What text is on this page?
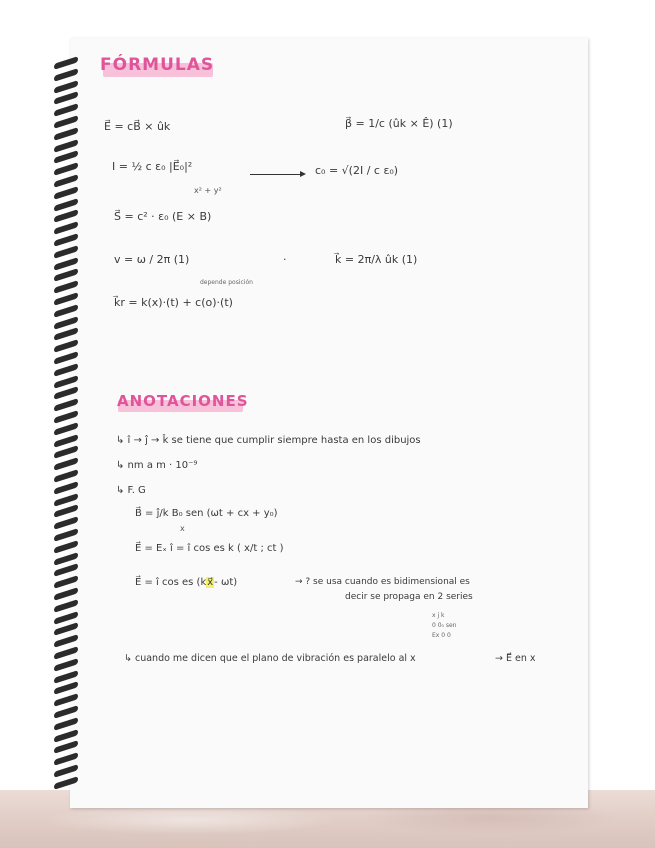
FÓRMULAS
E⃗ = cB⃗ × ûk	β⃗ = 1/c (ûk × Ê) (1)
I = ½ c ε₀ |E⃗₀|²
x² + y²
c₀ = √(2I / c ε₀)
S⃗ = c² · ε₀ (E × B)
v = ω / 2π (1)	·	k⃗ = 2π/λ ûk (1)
depende posición
k⃗r = k(x)·(t) + c(o)·(t)
ANOTACIONES
↳ î → ĵ → k̂ se tiene que cumplir siempre hasta en los dibujos
↳ nm a m · 10⁻⁹
↳ F. G
B⃗ = ĵ/k B₀ sen (ωt + cx + y₀)
x
E⃗ = Eₓ î = î cos es k ( x/t ; ct )
E⃗ = î cos es (kx⃗- ωt)	→ ? se usa cuando es bidimensional es
decir se propaga en 2 series
x j k
0 0₀ sen
Ex 0 0
↳ cuando me dicen que el plano de vibración es paralelo al x	→ E⃗ en x
